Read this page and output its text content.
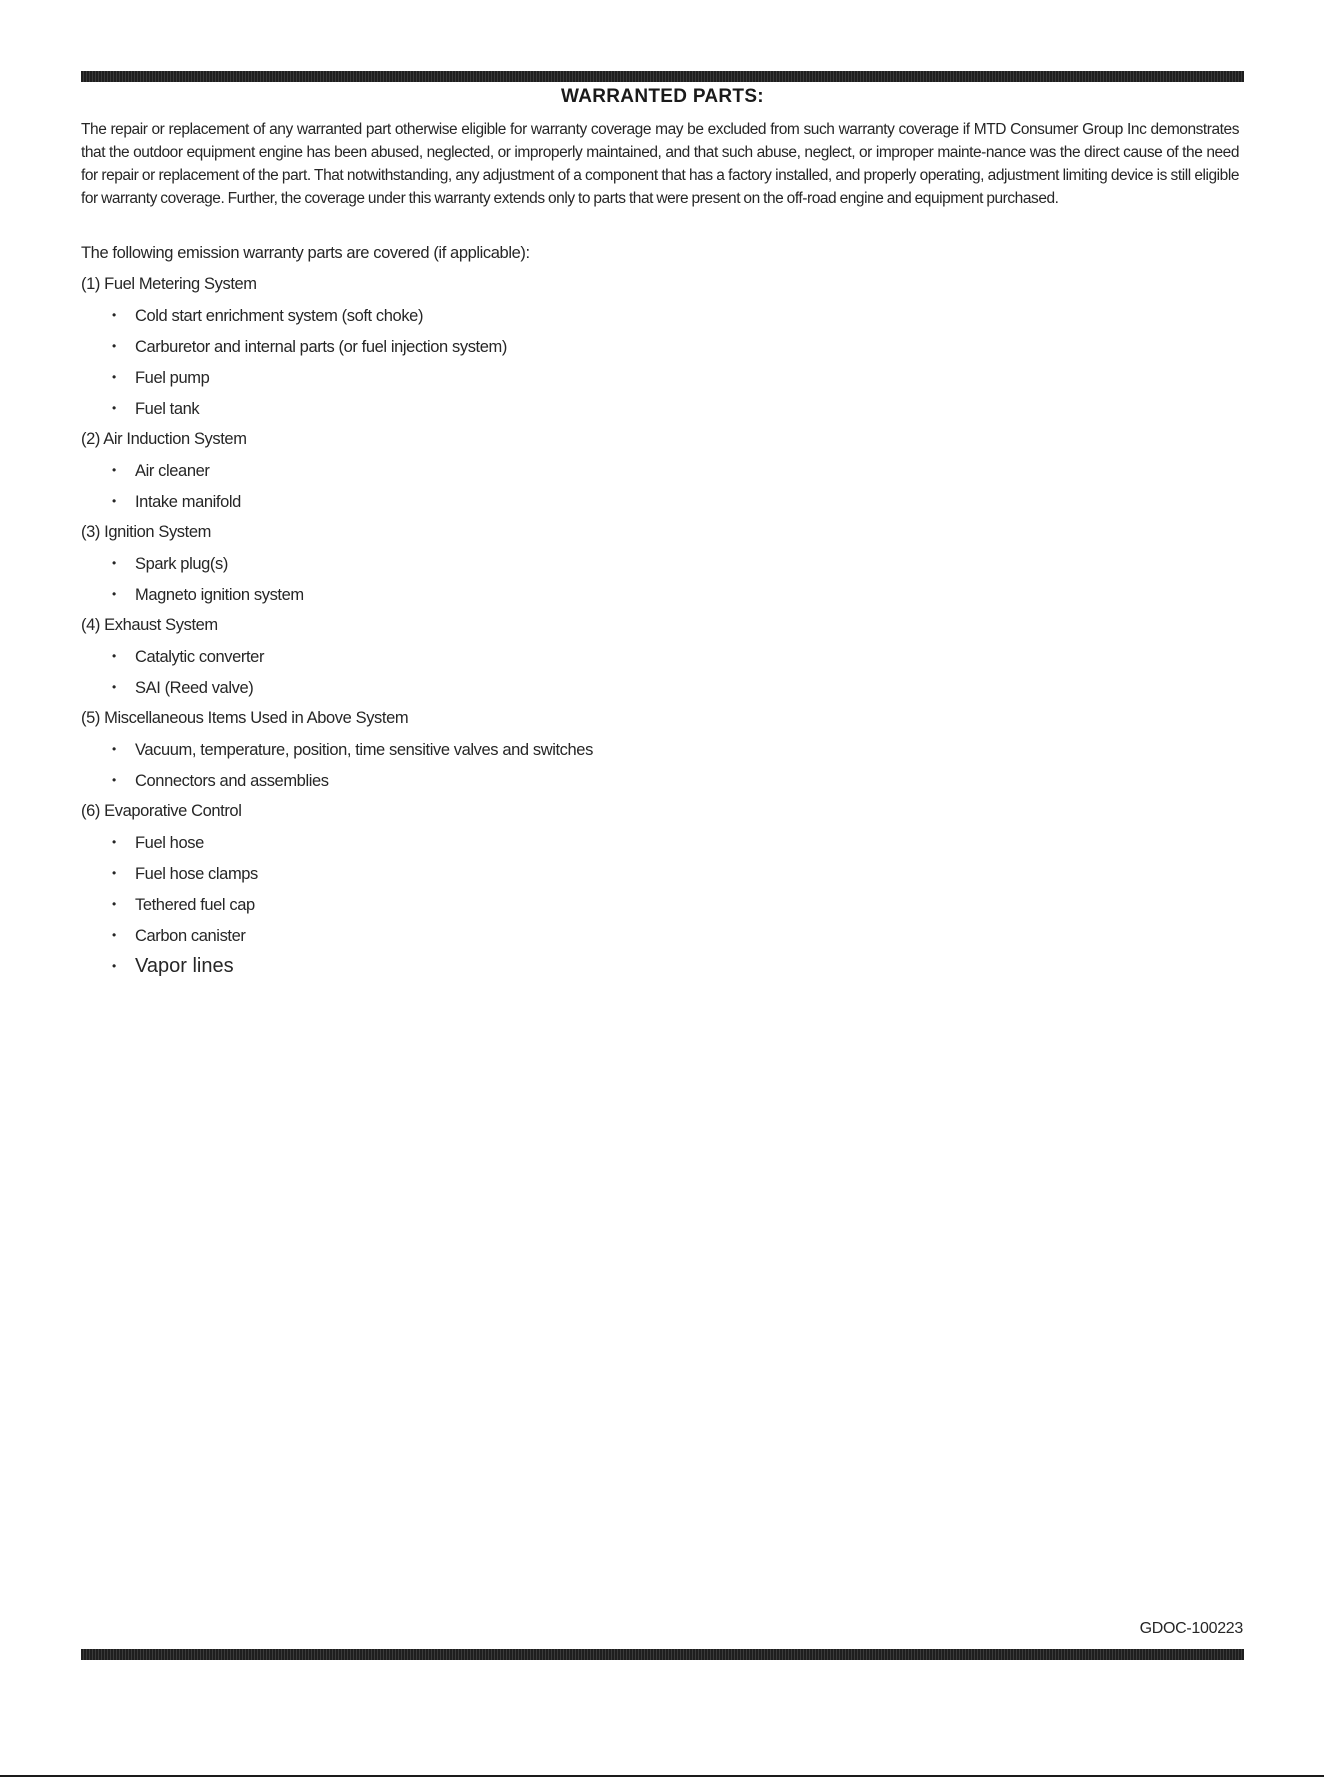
WARRANTED PARTS:

The repair or replacement of any warranted part otherwise eligible for warranty coverage may be excluded from such warranty coverage if MTD Consumer Group Inc demonstrates that the outdoor equipment engine has been abused, neglected, or improperly maintained, and that such abuse, neglect, or improper mainte-nance was the direct cause of the need for repair or replacement of the part. That notwithstanding, any adjustment of a component that has a factory installed, and properly operating, adjustment limiting device is still eligible for warranty coverage. Further, the coverage under this warranty extends only to parts that were present on the off-road engine and equipment purchased.

The following emission warranty parts are covered (if applicable):

(1) Fuel Metering System
• Cold start enrichment system (soft choke)
• Carburetor and internal parts (or fuel injection system)
• Fuel pump
• Fuel tank
(2) Air Induction System
• Air cleaner
• Intake manifold
(3) Ignition System
• Spark plug(s)
• Magneto ignition system
(4) Exhaust System
• Catalytic converter
• SAI (Reed valve)
(5) Miscellaneous Items Used in Above System
• Vacuum, temperature, position, time sensitive valves and switches
• Connectors and assemblies
(6) Evaporative Control
• Fuel hose
• Fuel hose clamps
• Tethered fuel cap
• Carbon canister
• Vapor lines
GDOC-100223
